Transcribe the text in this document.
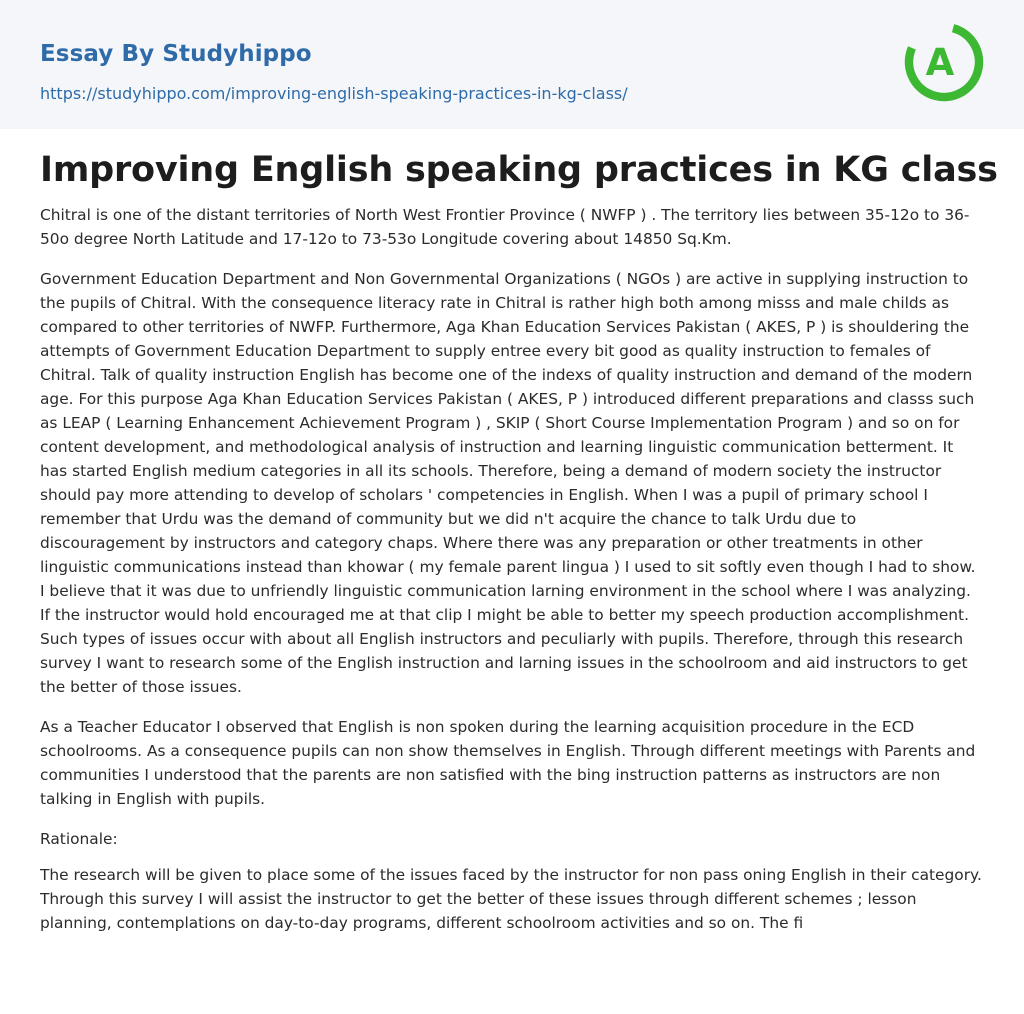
Essay By Studyhippo
https://studyhippo.com/improving-english-speaking-practices-in-kg-class/
A
Improving English speaking practices in KG class

Chitral is one of the distant territories of North West Frontier Province ( NWFP ) . The territory lies between 35-12o to 36-50o degree North Latitude and 17-12o to 73-53o Longitude covering about 14850 Sq.Km.

Government Education Department and Non Governmental Organizations ( NGOs ) are active in supplying instruction to the pupils of Chitral. With the consequence literacy rate in Chitral is rather high both among misss and male childs as compared to other territories of NWFP. Furthermore, Aga Khan Education Services Pakistan ( AKES, P ) is shouldering the attempts of Government Education Department to supply entree every bit good as quality instruction to females of Chitral. Talk of quality instruction English has become one of the indexs of quality instruction and demand of the modern age. For this purpose Aga Khan Education Services Pakistan ( AKES, P ) introduced different preparations and classs such as LEAP ( Learning Enhancement Achievement Program ) , SKIP ( Short Course Implementation Program ) and so on for content development, and methodological analysis of instruction and learning linguistic communication betterment. It has started English medium categories in all its schools. Therefore, being a demand of modern society the instructor should pay more attending to develop of scholars ' competencies in English. When I was a pupil of primary school I remember that Urdu was the demand of community but we did n't acquire the chance to talk Urdu due to discouragement by instructors and category chaps. Where there was any preparation or other treatments in other linguistic communications instead than khowar ( my female parent lingua ) I used to sit softly even though I had to show. I believe that it was due to unfriendly linguistic communication larning environment in the school where I was analyzing. If the instructor would hold encouraged me at that clip I might be able to better my speech production accomplishment. Such types of issues occur with about all English instructors and peculiarly with pupils. Therefore, through this research survey I want to research some of the English instruction and larning issues in the schoolroom and aid instructors to get the better of those issues.

As a Teacher Educator I observed that English is non spoken during the learning acquisition procedure in the ECD schoolrooms. As a consequence pupils can non show themselves in English. Through different meetings with Parents and communities I understood that the parents are non satisfied with the bing instruction patterns as instructors are non talking in English with pupils.

Rationale:

The research will be given to place some of the issues faced by the instructor for non pass oning English in their category. Through this survey I will assist the instructor to get the better of these issues through different schemes ; lesson planning, contemplations on day-to-day programs, different schoolroom activities and so on. The fi
